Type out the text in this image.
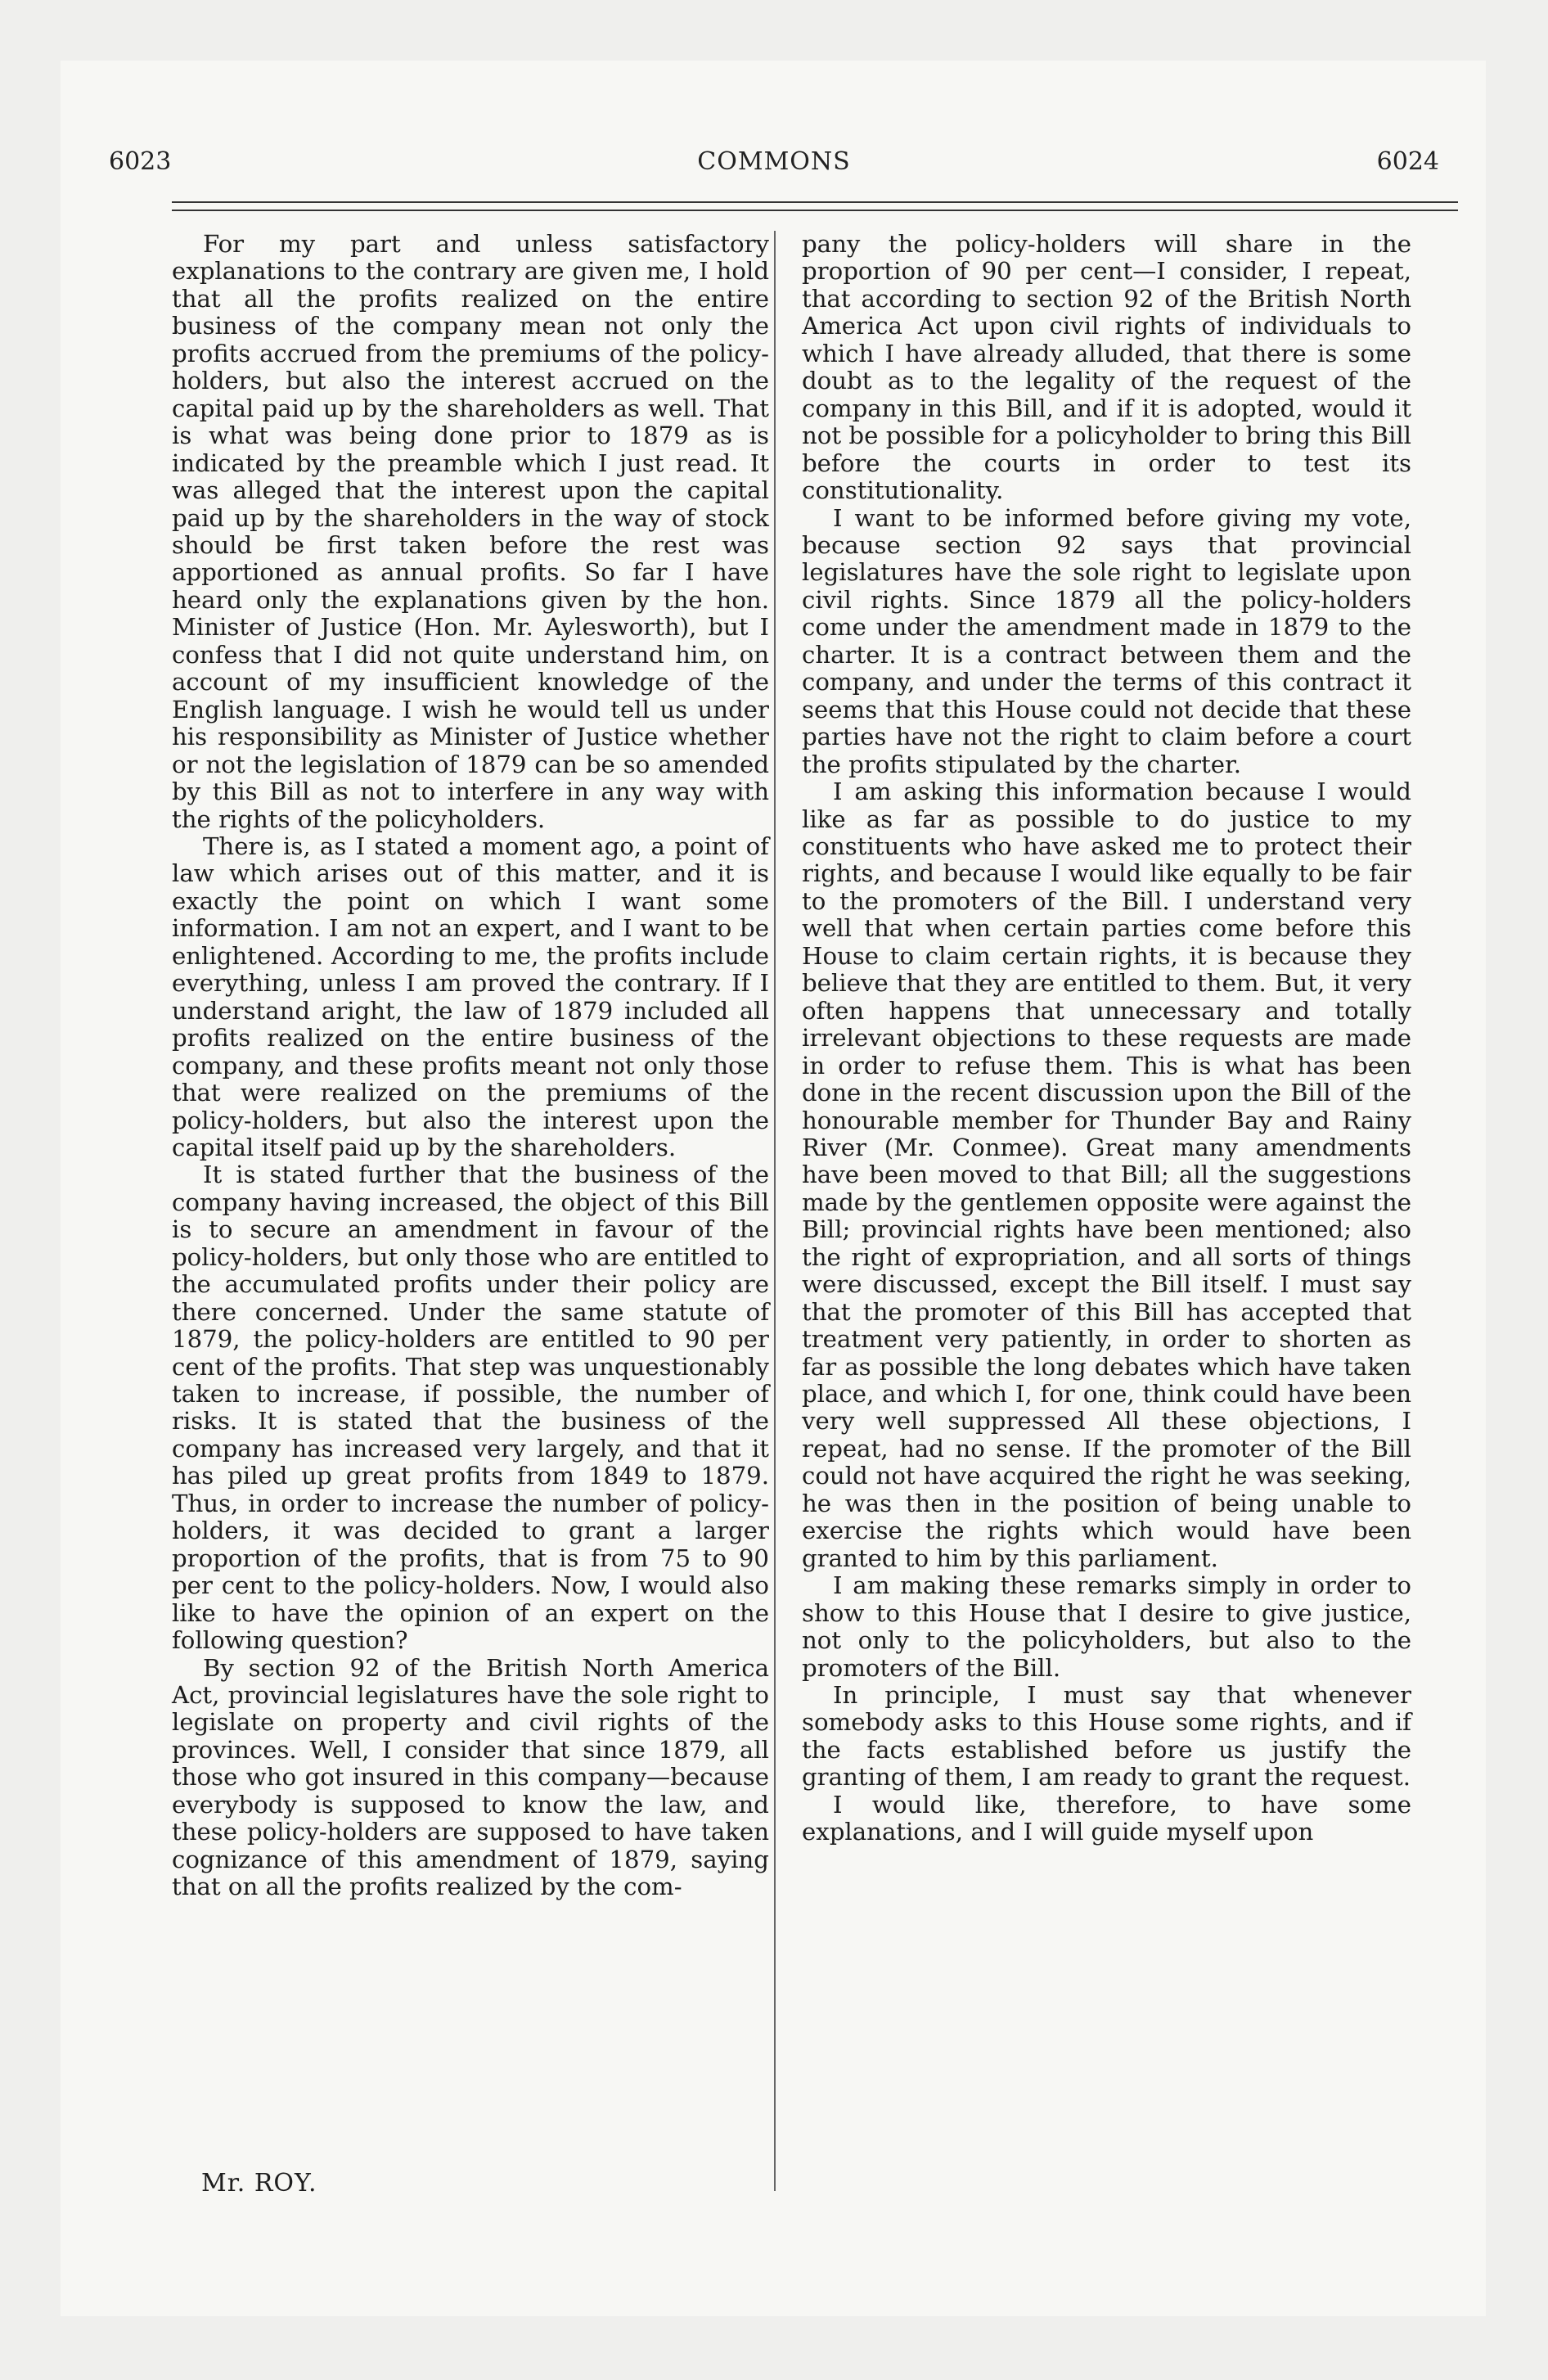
6023	COMMONS	6024

For my part and unless satisfactory explanations to the contrary are given me, I hold that all the profits realized on the entire business of the company mean not only the profits accrued from the premiums of the policy-holders, but also the interest accrued on the capital paid up by the shareholders as well. That is what was being done prior to 1879 as is indicated by the preamble which I just read. It was alleged that the interest upon the capital paid up by the shareholders in the way of stock should be first taken before the rest was apportioned as annual profits. So far I have heard only the explanations given by the hon. Minister of Justice (Hon. Mr. Aylesworth), but I confess that I did not quite understand him, on account of my insufficient knowledge of the English language. I wish he would tell us under his responsibility as Minister of Justice whether or not the legislation of 1879 can be so amended by this Bill as not to interfere in any way with the rights of the policyholders.

There is, as I stated a moment ago, a point of law which arises out of this matter, and it is exactly the point on which I want some information. I am not an expert, and I want to be enlightened. According to me, the profits include everything, unless I am proved the contrary. If I understand aright, the law of 1879 included all profits realized on the entire business of the company, and these profits meant not only those that were realized on the premiums of the policy-holders, but also the interest upon the capital itself paid up by the shareholders.

It is stated further that the business of the company having increased, the object of this Bill is to secure an amendment in favour of the policy-holders, but only those who are entitled to the accumulated profits under their policy are there concerned. Under the same statute of 1879, the policy-holders are entitled to 90 per cent of the profits. That step was unquestionably taken to increase, if possible, the number of risks. It is stated that the business of the company has increased very largely, and that it has piled up great profits from 1849 to 1879. Thus, in order to increase the number of policy-holders, it was decided to grant a larger proportion of the profits, that is from 75 to 90 per cent to the policy-holders. Now, I would also like to have the opinion of an expert on the following question?

By section 92 of the British North America Act, provincial legislatures have the sole right to legislate on property and civil rights of the provinces. Well, I consider that since 1879, all those who got insured in this company—because everybody is supposed to know the law, and these policy-holders are supposed to have taken cognizance of this amendment of 1879, saying that on all the profits realized by the com-

pany the policy-holders will share in the proportion of 90 per cent—I consider, I repeat, that according to section 92 of the British North America Act upon civil rights of individuals to which I have already alluded, that there is some doubt as to the legality of the request of the company in this Bill, and if it is adopted, would it not be possible for a policyholder to bring this Bill before the courts in order to test its constitutionality.

I want to be informed before giving my vote, because section 92 says that provincial legislatures have the sole right to legislate upon civil rights. Since 1879 all the policy-holders come under the amendment made in 1879 to the charter. It is a contract between them and the company, and under the terms of this contract it seems that this House could not decide that these parties have not the right to claim before a court the profits stipulated by the charter.

I am asking this information because I would like as far as possible to do justice to my constituents who have asked me to protect their rights, and because I would like equally to be fair to the promoters of the Bill. I understand very well that when certain parties come before this House to claim certain rights, it is because they believe that they are entitled to them. But, it very often happens that unnecessary and totally irrelevant objections to these requests are made in order to refuse them. This is what has been done in the recent discussion upon the Bill of the honourable member for Thunder Bay and Rainy River (Mr. Conmee). Great many amendments have been moved to that Bill; all the suggestions made by the gentlemen opposite were against the Bill; provincial rights have been mentioned; also the right of expropriation, and all sorts of things were discussed, except the Bill itself. I must say that the promoter of this Bill has accepted that treatment very patiently, in order to shorten as far as possible the long debates which have taken place, and which I, for one, think could have been very well suppressed All these objections, I repeat, had no sense. If the promoter of the Bill could not have acquired the right he was seeking, he was then in the position of being unable to exercise the rights which would have been granted to him by this parliament.

I am making these remarks simply in order to show to this House that I desire to give justice, not only to the policyholders, but also to the promoters of the Bill.

In principle, I must say that whenever somebody asks to this House some rights, and if the facts established before us justify the granting of them, I am ready to grant the request.

I would like, therefore, to have some explanations, and I will guide myself upon

Mr. ROY.
